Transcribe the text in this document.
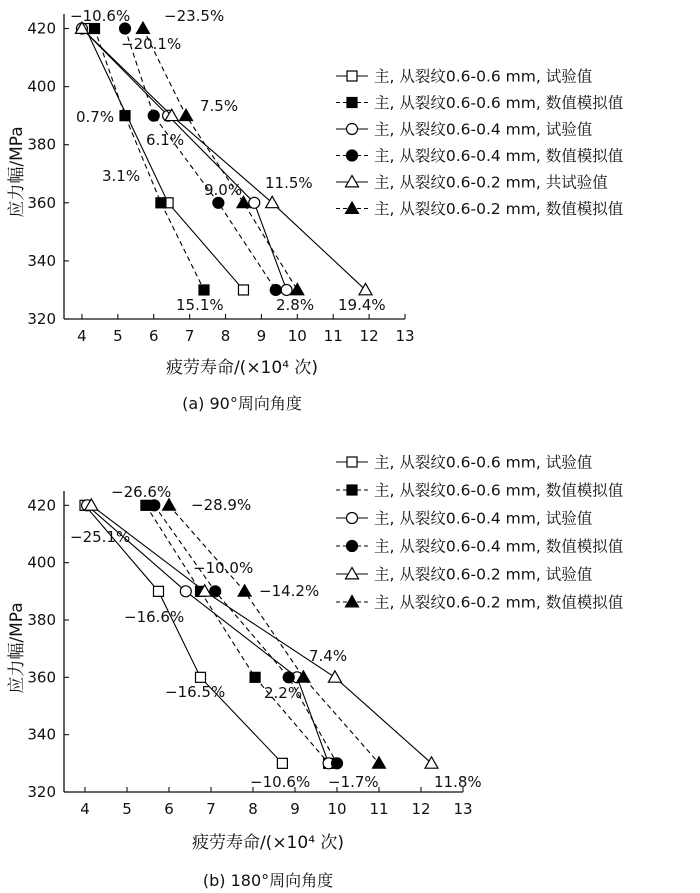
应力幅/MPa
疲劳寿命/(×10⁴ 次)
(a) 90°周向角度
4 5 6 7 8 9 10 11 12 13
320
340
360
380
400
420
主, 从裂纹0.6-0.6 mm, 试验值
主, 从裂纹0.6-0.6 mm, 数值模拟值
主, 从裂纹0.6-0.4 mm, 试验值
主, 从裂纹0.6-0.4 mm, 数值模拟值
主, 从裂纹0.6-0.2 mm, 共试验值
主, 从裂纹0.6-0.2 mm, 数值模拟值
−10.6% −23.5%
−20.1%
7.5%
0.7%
6.1%
11.5%
3.1%
9.0%
15.1%	2.8% 19.4%
应力幅/MPa
疲劳寿命/(×10⁴ 次)
(b) 180°周向角度
4 5 6 7 8 9 10 11 12 13
320
340
360
380
400
420
主, 从裂纹0.6-0.6 mm, 试验值
主, 从裂纹0.6-0.6 mm, 数值模拟值
主, 从裂纹0.6-0.4 mm, 试验值
主, 从裂纹0.6-0.4 mm, 数值模拟值
主, 从裂纹0.6-0.2 mm, 试验值
主, 从裂纹0.6-0.2 mm, 数值模拟值
−26.6%
−28.9%
−25.1%
−10.0%
−14.2%
−16.6%
7.4%
2.2%
−16.5%
−10.6% −1.7%	11.8%
